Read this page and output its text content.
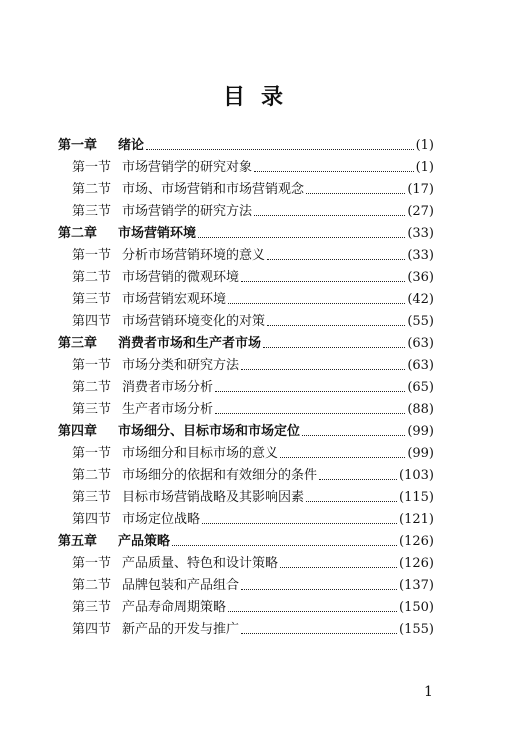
目录
第一章	绪论	(1)
第一节 市场营销学的研究对象	(1)
第二节 市场、市场营销和市场营销观念	(17)
第三节 市场营销学的研究方法	(27)
第二章	市场营销环境	(33)
第一节 分析市场营销环境的意义	(33)
第二节 市场营销的微观环境	(36)
第三节 市场营销宏观环境	(42)
第四节 市场营销环境变化的对策	(55)
第三章	消费者市场和生产者市场	(63)
第一节 市场分类和研究方法	(63)
第二节 消费者市场分析	(65)
第三节 生产者市场分析	(88)
第四章	市场细分、目标市场和市场定位	(99)
第一节 市场细分和目标市场的意义	(99)
第二节 市场细分的依据和有效细分的条件	(103)
第三节 目标市场营销战略及其影响因素	(115)
第四节 市场定位战略	(121)
第五章	产品策略	(126)
第一节 产品质量、特色和设计策略	(126)
第二节 品牌包装和产品组合	(137)
第三节 产品寿命周期策略	(150)
第四节 新产品的开发与推广	(155)
1
